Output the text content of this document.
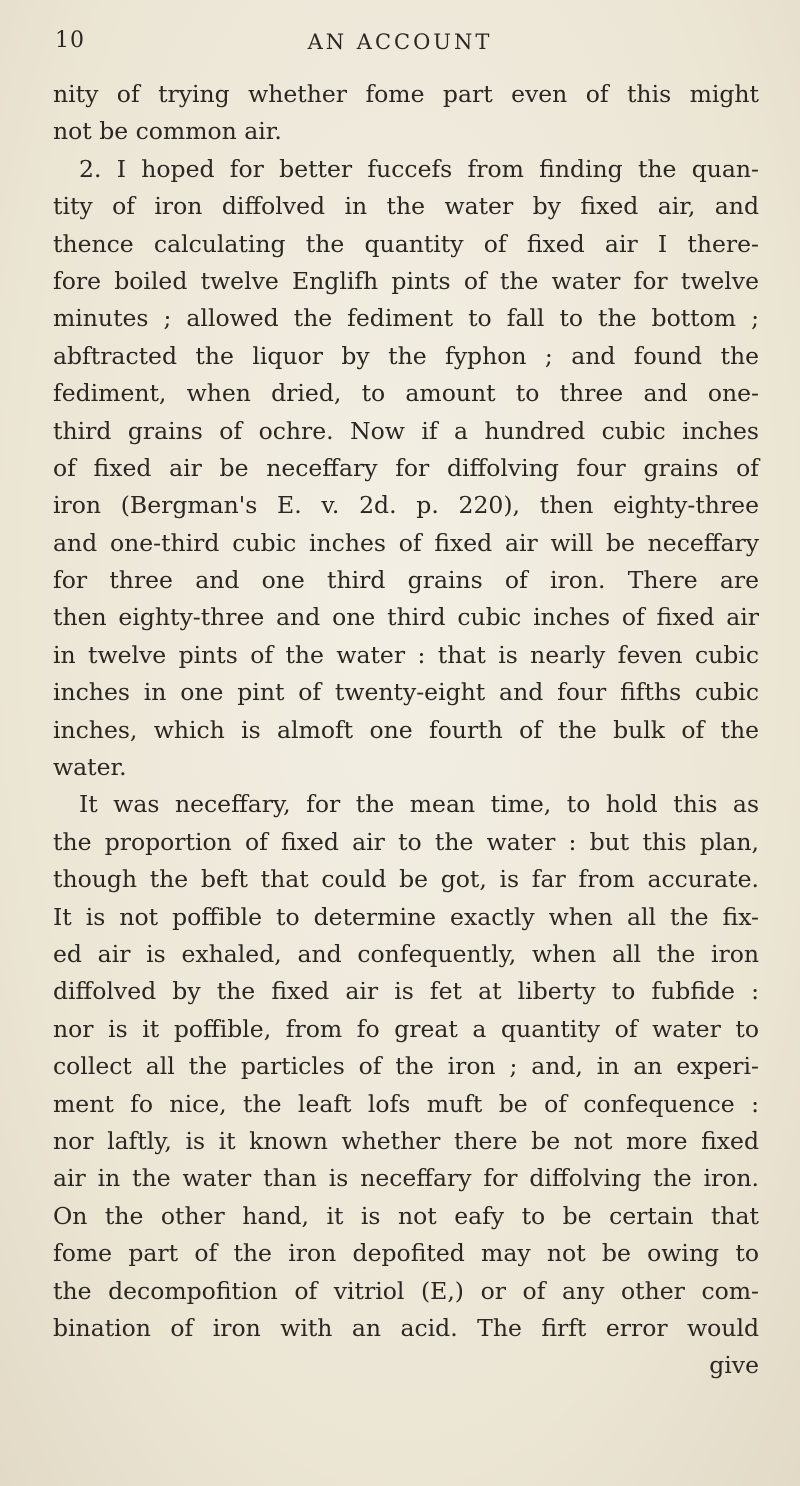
10	AN ACCOUNT
nity of trying whether fome part even of this might
not be common air.
2. I hoped for better fuccefs from finding the quan-
tity of iron diffolved in the water by fixed air, and
thence calculating the quantity of fixed air I there-
fore boiled twelve Englifh pints of the water for twelve
minutes ; allowed the fediment to fall to the bottom ;
abftracted the liquor by the fyphon ; and found the
fediment, when dried, to amount to three and one-
third grains of ochre. Now if a hundred cubic inches
of fixed air be neceffary for diffolving four grains of
iron (Bergman's E. v. 2d. p. 220), then eighty-three
and one-third cubic inches of fixed air will be neceffary
for three and one third grains of iron. There are
then eighty-three and one third cubic inches of fixed air
in twelve pints of the water : that is nearly feven cubic
inches in one pint of twenty-eight and four fifths cubic
inches, which is almoft one fourth of the bulk of the
water.
It was neceffary, for the mean time, to hold this as
the proportion of fixed air to the water : but this plan,
though the beft that could be got, is far from accurate.
It is not poffible to determine exactly when all the fix-
ed air is exhaled, and confequently, when all the iron
diffolved by the fixed air is fet at liberty to fubfide :
nor is it poffible, from fo great a quantity of water to
collect all the particles of the iron ; and, in an experi-
ment fo nice, the leaft lofs muft be of confequence :
nor laftly, is it known whether there be not more fixed
air in the water than is neceffary for diffolving the iron.
On the other hand, it is not eafy to be certain that
fome part of the iron depofited may not be owing to
the decompofition of vitriol (E,) or of any other com-
bination of iron with an acid. The firft error would
give
